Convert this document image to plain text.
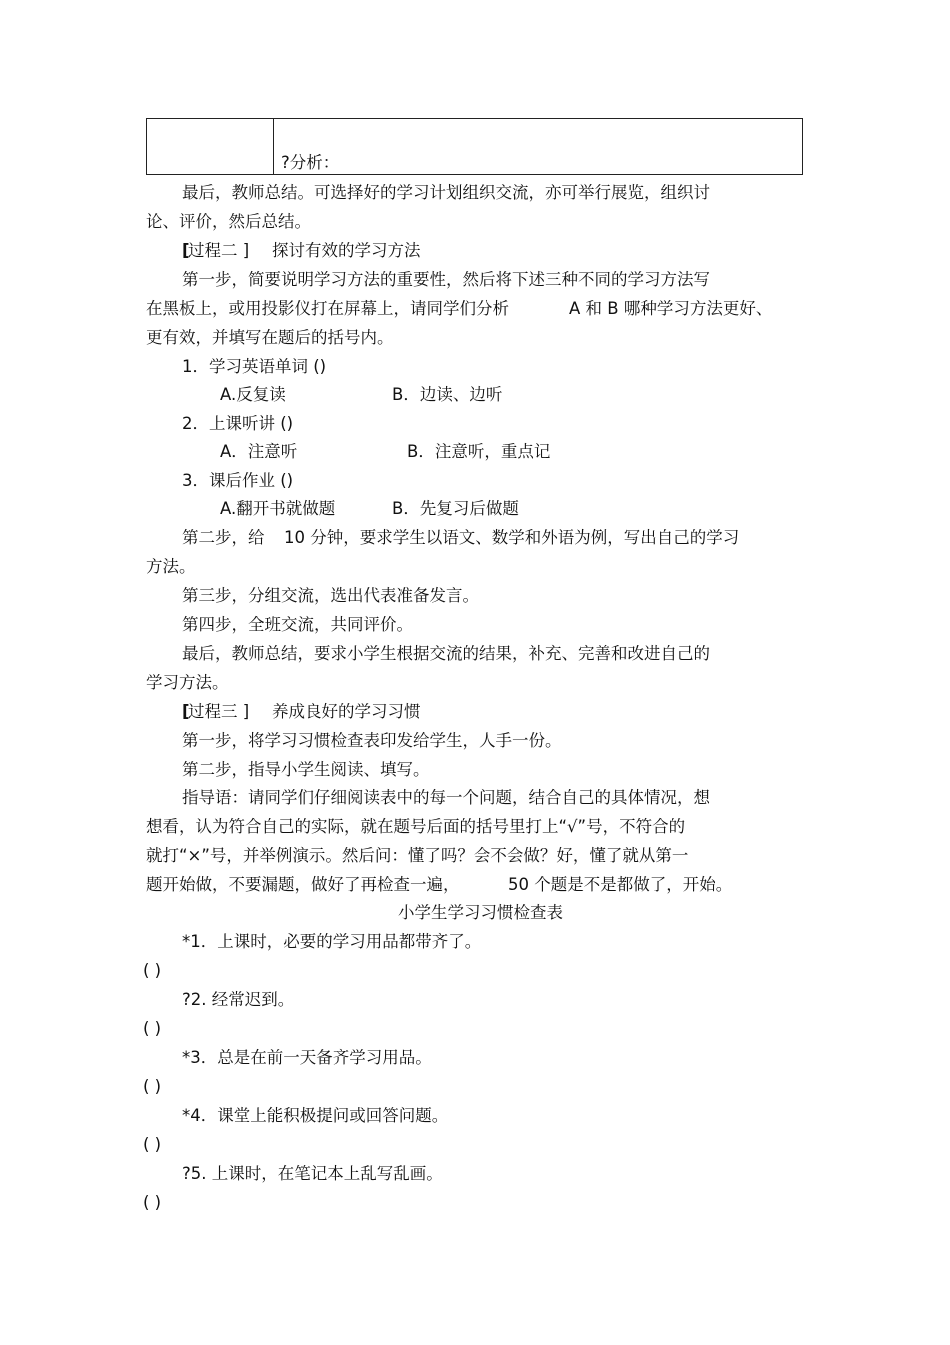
?分析：
最后，教师总结。可选择好的学习计划组织交流，亦可举行展览，组织讨
论、评价，然后总结。
[
过程二 ] 探讨有效的学习方法
第一步，简要说明学习方法的重要性，然后将下述三种不同的学习方法写
在黑板上，或用投影仪打在屏幕上，请同学们分析	A 和 B 哪种学习方法更好、
更有效，并填写在题后的括号内。
1．学习英语单词 ()
A.反复读	B．边读、边听
2．上课听讲 ()
A．注意听	B．注意听，重点记
3．课后作业 ()
A.翻开书就做题	B．先复习后做题
第二步，给 10 分钟，要求学生以语文、数学和外语为例，写出自己的学习
方法。
第三步，分组交流，选出代表准备发言。
第四步，全班交流，共同评价。
最后，教师总结，要求小学生根据交流的结果，补充、完善和改进自己的
学习方法。
[
过程三 ] 养成良好的学习习惯
第一步，将学习习惯检查表印发给学生，人手一份。
第二步，指导小学生阅读、填写。
指导语：请同学们仔细阅读表中的每一个问题，结合自己的具体情况，想
想看，认为符合自己的实际，就在题号后面的括号里打上“√”号，不符合的
就打“×”号，并举例演示。然后问：懂了吗？会不会做？好，懂了就从第一
题开始做，不要漏题，做好了再检查一遍，	50 个题是不是都做了，开始。
小学生学习习惯检查表
*1．上课时，必要的学习用品都带齐了。
( )
?2. 经常迟到。
( )
*3．总是在前一天备齐学习用品。
( )
*4．课堂上能积极提问或回答问题。
( )
?5. 上课时，在笔记本上乱写乱画。
( )
